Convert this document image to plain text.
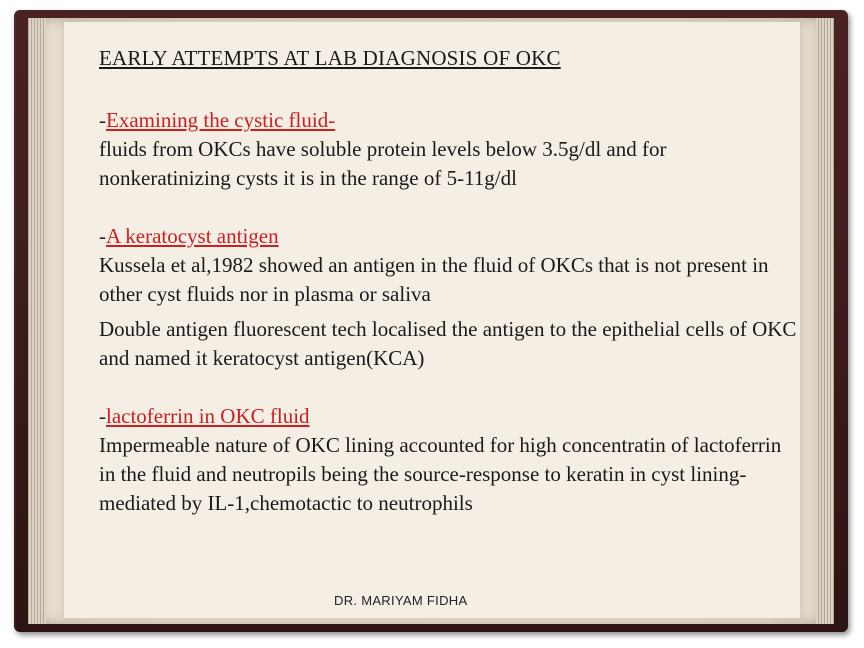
EARLY ATTEMPTS AT LAB DIAGNOSIS OF OKC

-Examining the cystic fluid-

fluids from OKCs have soluble protein levels below 3.5g/dl and for nonkeratinizing cysts it is in the range of 5-11g/dl

-A keratocyst antigen

Kussela et al,1982 showed an antigen in the fluid of OKCs that is not present in other cyst fluids nor in plasma or saliva

Double antigen fluorescent tech localised the antigen to the epithelial cells of OKC and named it keratocyst antigen(KCA)

-lactoferrin in OKC fluid

Impermeable nature of OKC lining accounted for high concentratin of lactoferrin in the fluid and neutropils being the source-response to keratin in cyst lining-mediated by IL-1,chemotactic to neutrophils

DR. MARIYAM FIDHA
